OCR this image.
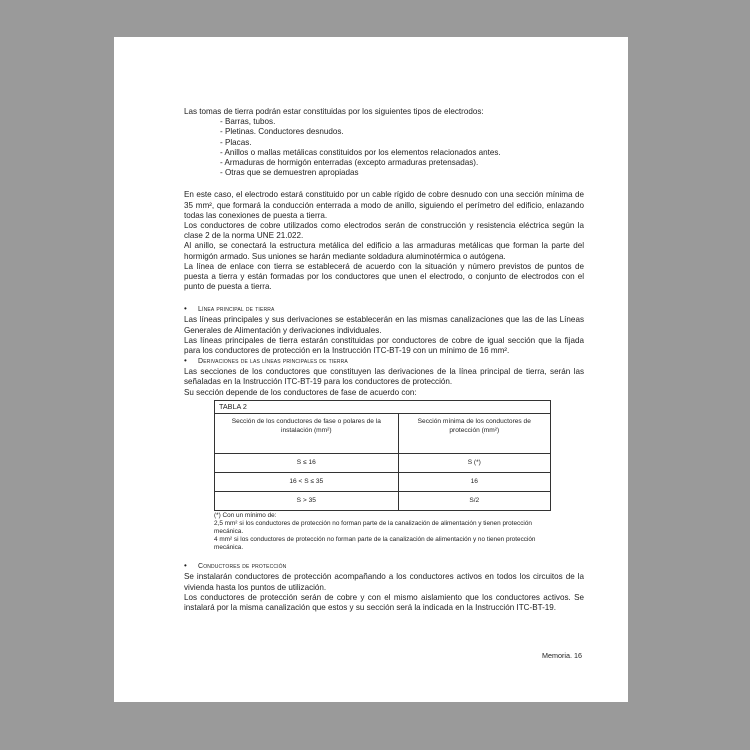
Las tomas de tierra podrán estar constituidas por los siguientes tipos de electrodos:

- Barras, tubos.
- Pletinas. Conductores desnudos.
- Placas.
- Anillos o mallas metálicas constituidos por los elementos relacionados antes.
- Armaduras de hormigón enterradas (excepto armaduras pretensadas).
- Otras que se demuestren apropiadas

En este caso, el electrodo estará constituido por un cable rígido de cobre desnudo con una sección mínima de 35 mm², que formará la conducción enterrada a modo de anillo, siguiendo el perímetro del edificio, enlazando todas las conexiones de puesta a tierra.

Los conductores de cobre utilizados como electrodos serán de construcción y resistencia eléctrica según la clase 2 de la norma UNE 21.022.

Al anillo, se conectará la estructura metálica del edificio a las armaduras metálicas que forman la parte del hormigón armado. Sus uniones se harán mediante soldadura aluminotérmica o autógena.

La línea de enlace con tierra se establecerá de acuerdo con la situación y número previstos de puntos de puesta a tierra y están formadas por los conductores que unen el electrodo, o conjunto de electrodos con el punto de puesta a tierra.

• Línea principal de tierra

Las líneas principales y sus derivaciones se establecerán en las mismas canalizaciones que las de las Líneas Generales de Alimentación y derivaciones individuales.

Las líneas principales de tierra estarán constituidas por conductores de cobre de igual sección que la fijada para los conductores de protección en la Instrucción ITC-BT-19 con un mínimo de 16 mm².

• Derivaciones de las líneas principales de tierra

Las secciones de los conductores que constituyen las derivaciones de la línea principal de tierra, serán las señaladas en la Instrucción ITC-BT-19 para los conductores de protección.

Su sección depende de los conductores de fase de acuerdo con:

TABLA 2	
Sección de los conductores de fase o polares de la instalación (mm²)	Sección mínima de los conductores de protección (mm²)
S ≤ 16	S (*)
16 < S ≤ 35	16
S > 35	S/2
(*) Con un mínimo de:
2,5 mm² si los conductores de protección no forman parte de la canalización de alimentación y tienen protección mecánica.
4 mm² si los conductores de protección no forman parte de la canalización de alimentación y no tienen protección mecánica.
• Conductores de protección

Se instalarán conductores de protección acompañando a los conductores activos en todos los circuitos de la vivienda hasta los puntos de utilización.

Los conductores de protección serán de cobre y con el mismo aislamiento que los conductores activos. Se instalará por la misma canalización que estos y su sección será la indicada en la Instrucción ITC-BT-19.

Memoria. 16
